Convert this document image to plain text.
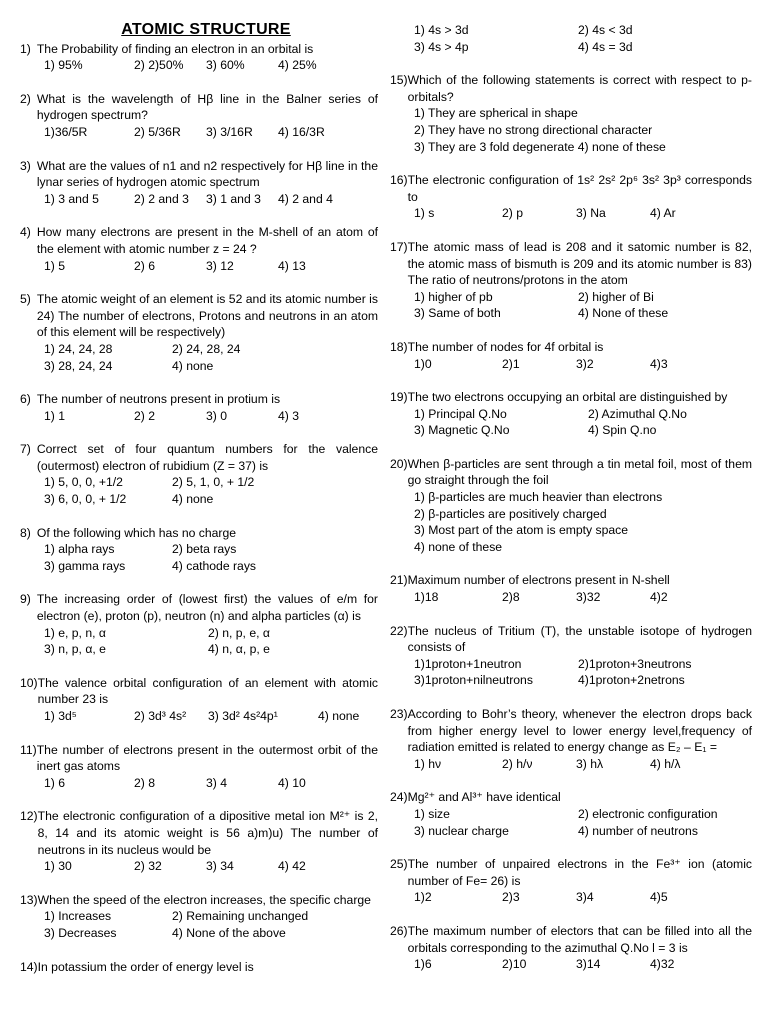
ATOMIC STRUCTURE
1) The Probability of finding an electron in an orbital is
1) 95%	2) 2)50%	3) 60%	4) 25%
2) What is the wavelength of Hβ line in the Balner series of hydrogen spectrum?
1)36/5R	2) 5/36R	3) 3/16R	4) 16/3R
3) What are the values of n1 and n2 respectively for Hβ line in the lynar series of hydrogen atomic spectrum
1) 3 and 5	2) 2 and 3	3) 1 and 3	4) 2 and 4
4) How many electrons are present in the M-shell of an atom of the element with atomic number z = 24 ?
1) 5	2) 6	3) 12	4) 13
5) The atomic weight of an element is 52 and its atomic number is 24) The number of electrons, Protons and neutrons in an atom of this element will be respectively)
1) 24, 24, 28	2) 24, 28, 24
3) 28, 24, 24	4) none
6) The number of neutrons present in protium is
1) 1	2) 2	3) 0	4) 3
7) Correct set of four quantum numbers for the valence (outermost) electron of rubidium (Z = 37) is
1) 5, 0, 0, +1/2	2) 5, 1, 0, + 1/2
3) 6, 0, 0, + 1/2	4) none
8) Of the following which has no charge
1) alpha rays	2) beta rays
3) gamma rays	4) cathode rays
9) The increasing order of (lowest first) the values of e/m for electron (e), proton (p), neutron (n) and alpha particles (α) is
1) e, p, n, α	2) n, p, e, α
3) n, p, α, e	4) n, α, p, e
10) The valence orbital configuration of an element with atomic number 23 is
1) 3d⁵	2) 3d³ 4s²	3) 3d² 4s²4p¹	4) none
11) The number of electrons present in the outermost orbit of the inert gas atoms
1) 6	2) 8	3) 4	4) 10
12) The electronic configuration of a dipositive metal ion M²⁺ is 2, 8, 14 and its atomic weight is 56 a)m)u) The number of neutrons in its nucleus would be
1) 30	2) 32	3) 34	4) 42
13) When the speed of the electron increases, the specific charge
1) Increases	2) Remaining unchanged
3) Decreases	4) None of the above
14) In potassium the order of energy level is
1) 4s > 3d	2) 4s < 3d
3) 4s > 4p	4) 4s = 3d
15) Which of the following statements is correct with respect to p- orbitals?
1) They are spherical in shape
2) They have no strong directional character
3) They are 3 fold degenerate 4) none of these
16) The electronic configuration of 1s² 2s² 2p⁶ 3s² 3p³ corresponds to
1) s	2) p	3) Na	4) Ar
17) The atomic mass of lead is 208 and it satomic number is 82, the atomic mass of bismuth is 209 and its atomic number is 83) The ratio of neutrons/protons in the atom
1) higher of pb	2) higher of Bi
3) Same of both	4) None of these
18) The number of nodes for 4f orbital is
1)0	2)1	3)2	4)3
19) The two electrons occupying an orbital are distinguished by
1) Principal Q.No	2) Azimuthal Q.No
3) Magnetic Q.No	4) Spin Q.no
20) When β-particles are sent through a tin metal foil, most of them go straight through the foil
1) β-particles are much heavier than electrons
2) β-particles are positively charged
3) Most part of the atom is empty space
4) none of these
21) Maximum number of electrons present in N-shell
1)18	2)8	3)32	4)2
22) The nucleus of Tritium (T), the unstable isotope of hydrogen consists of
1)1proton+1neutron	2)1proton+3neutrons
3)1proton+nilneutrons	4)1proton+2netrons
23) According to Bohr’s theory, whenever the electron drops back from higher energy level to lower energy level,frequency of radiation emitted is related to energy change as E₂ – E₁ =
1) hν	2) h/ν	3) hλ	4) h/λ
24) Mg²⁺ and Al³⁺ have identical
1) size	2) electronic configuration
3) nuclear charge	4) number of neutrons
25) The number of unpaired electrons in the Fe³⁺ ion (atomic number of Fe= 26) is
1)2	2)3	3)4	4)5
26) The maximum number of electors that can be filled into all the orbitals corresponding to the azimuthal Q.No l = 3 is
1)6	2)10	3)14	4)32
